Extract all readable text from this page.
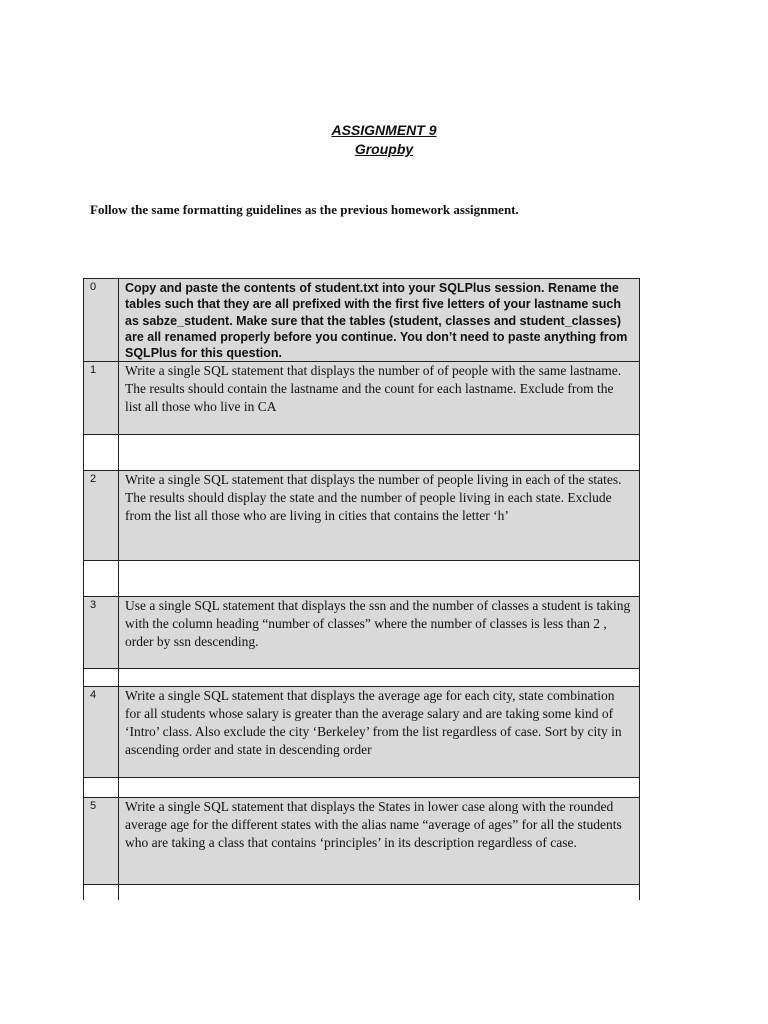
ASSIGNMENT 9
Groupby
Follow the same formatting guidelines as the previous homework assignment.
0	Copy and paste the contents of student.txt into your SQLPlus session. Rename the tables such that they are all prefixed with the first five letters of your lastname such as sabze_student. Make sure that the tables (student, classes and student_classes) are all renamed properly before you continue. You don’t need to paste anything from SQLPlus for this question.
1	Write a single SQL statement that displays the number of of people with the same lastname. The results should contain the lastname and the count for each lastname. Exclude from the list all those who live in CA

2	Write a single SQL statement that displays the number of people living in each of the states. The results should display the state and the number of people living in each state. Exclude from the list all those who are living in cities that contains the letter ‘h’

3	Use a single SQL statement that displays the ssn and the number of classes a student is taking with the column heading “number of classes” where the number of classes is less than 2 , order by ssn descending.

4	Write a single SQL statement that displays the average age for each city, state combination for all students whose salary is greater than the average salary and are taking some kind of ‘Intro’ class. Also exclude the city ‘Berkeley’ from the list regardless of case. Sort by city in ascending order and state in descending order

5	Write a single SQL statement that displays the States in lower case along with the rounded average age for the different states with the alias name “average of ages” for all the students who are taking a class that contains ‘principles’ in its description regardless of case.
